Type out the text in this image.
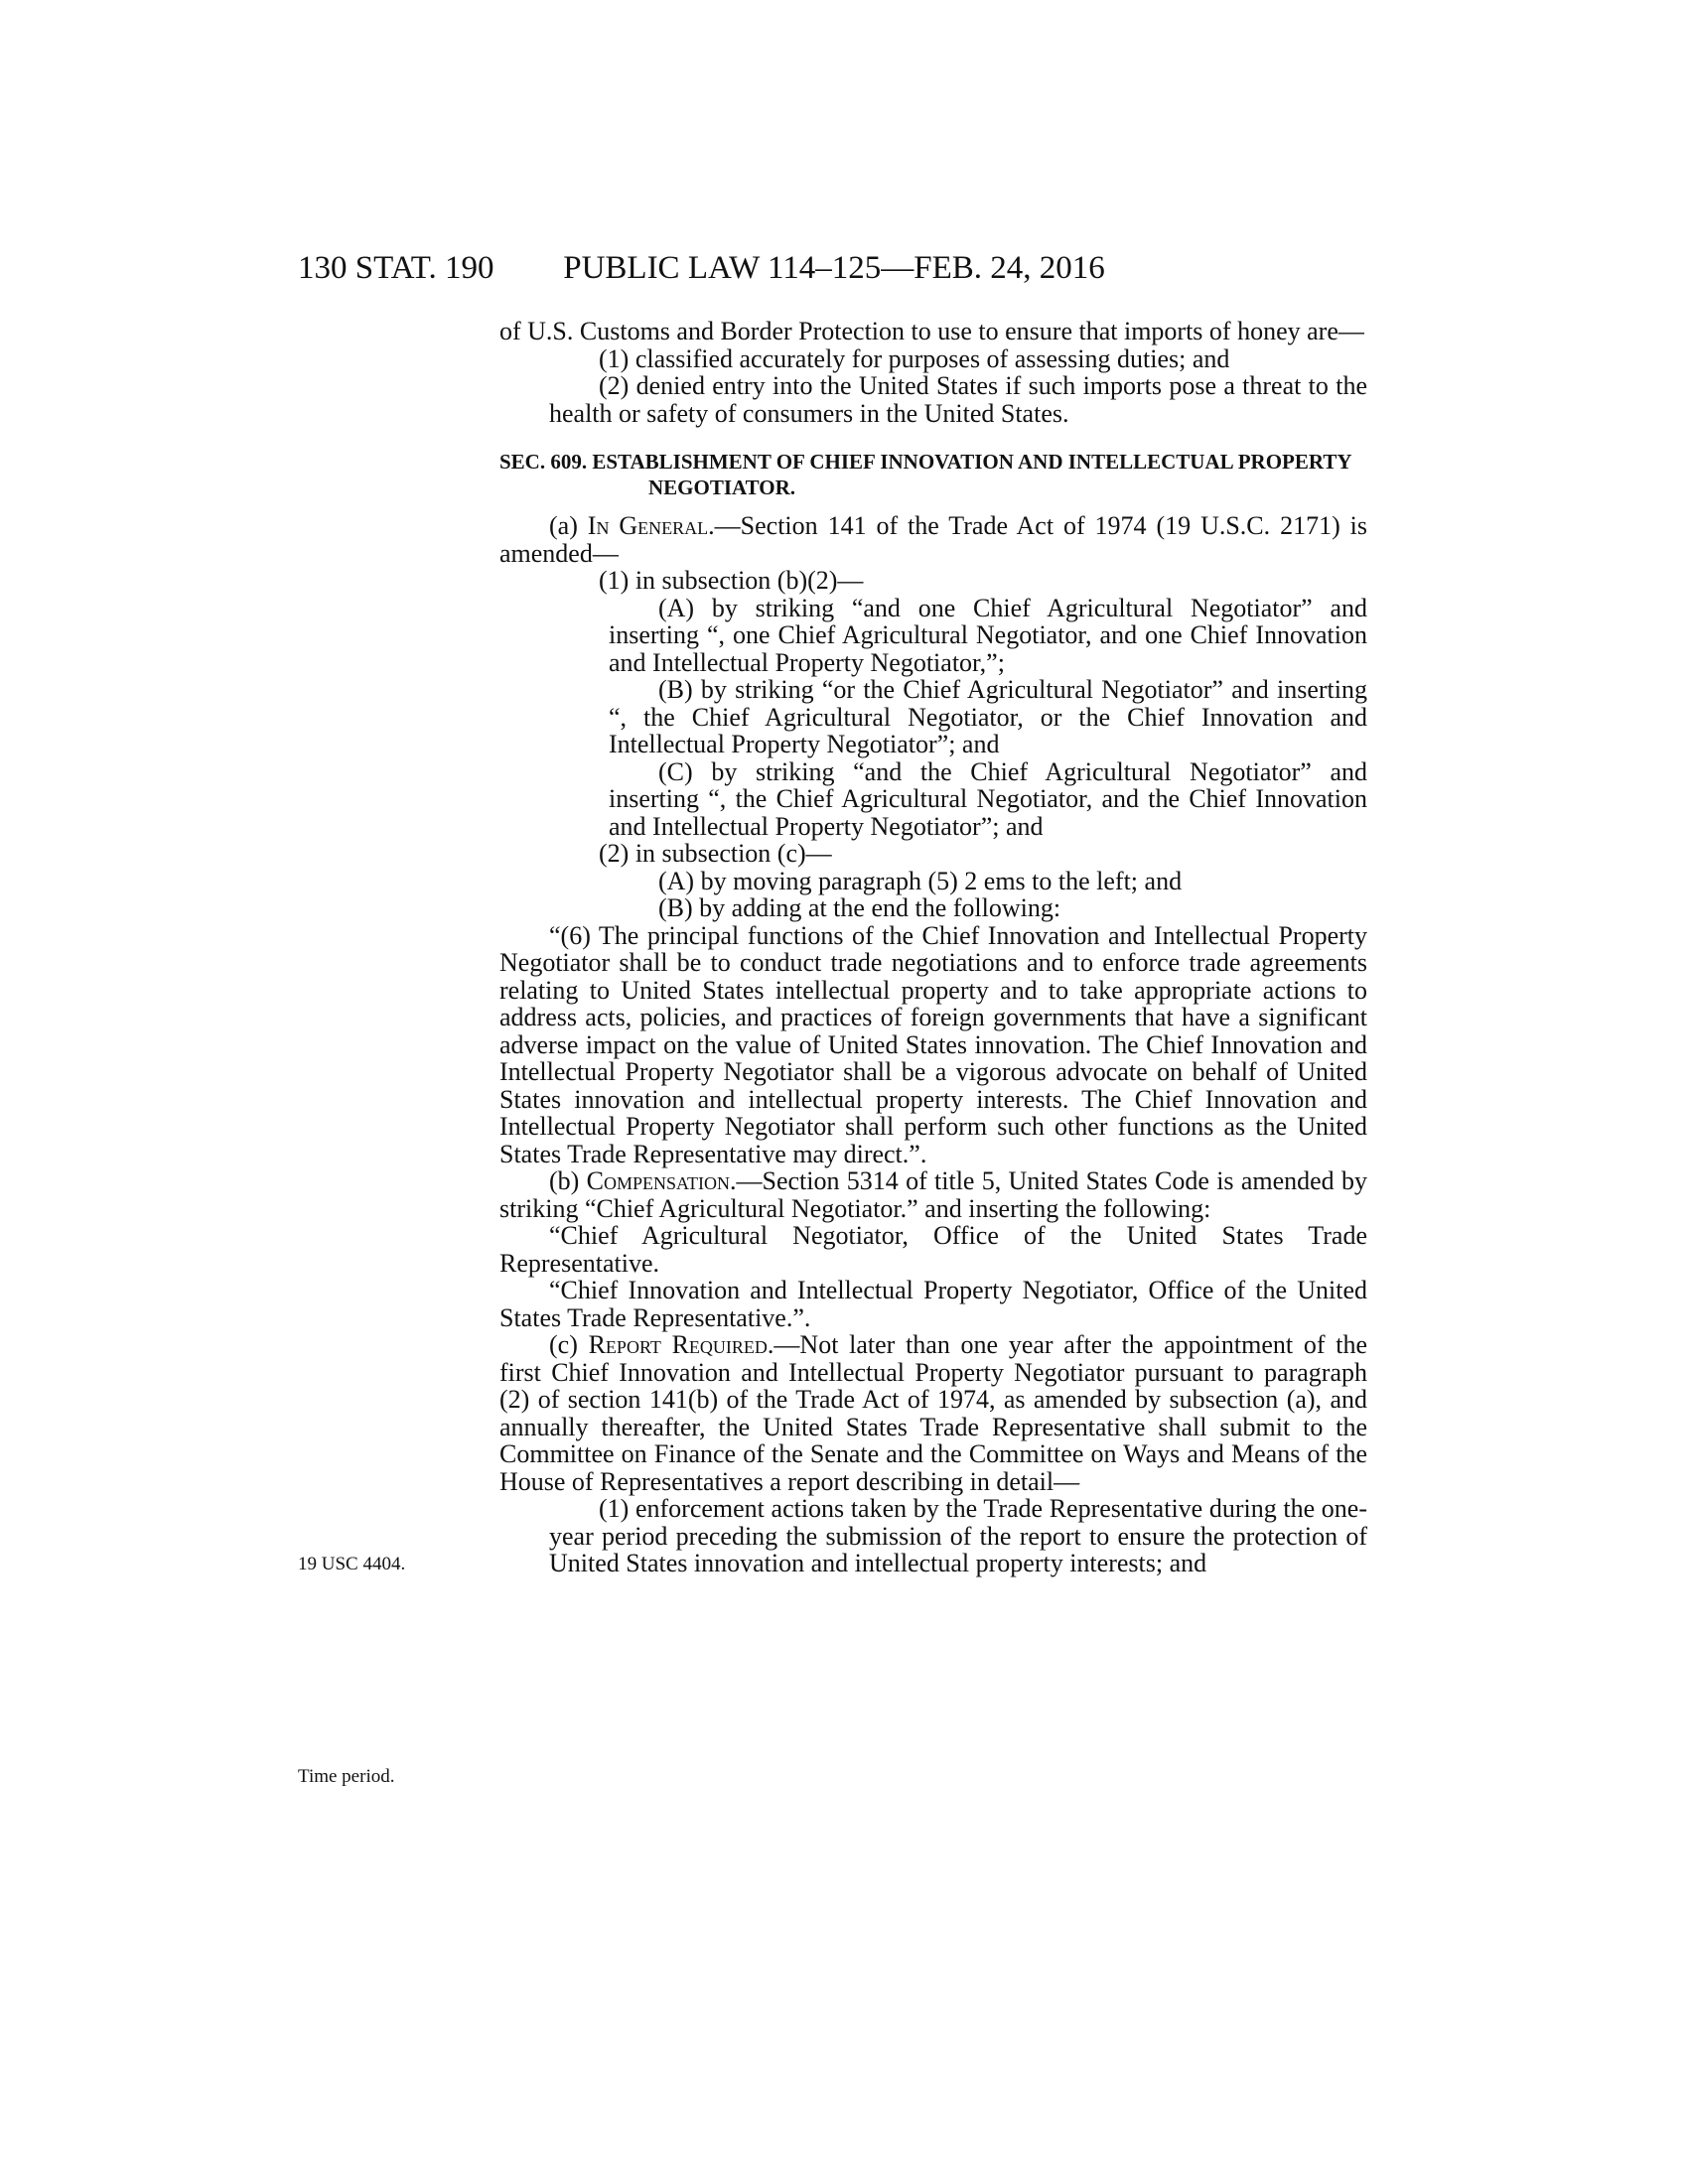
130 STAT. 190	PUBLIC LAW 114–125—FEB. 24, 2016
19 USC 4404.
Time period.

of U.S. Customs and Border Protection to use to ensure that imports of honey are—

(1) classified accurately for purposes of assessing duties; and

(2) denied entry into the United States if such imports pose a threat to the health or safety of consumers in the United States.

SEC. 609. ESTABLISHMENT OF CHIEF INNOVATION AND INTELLECTUAL PROPERTY NEGOTIATOR.

(a) In General.—Section 141 of the Trade Act of 1974 (19 U.S.C. 2171) is amended—

(1) in subsection (b)(2)—

(A) by striking “and one Chief Agricultural Negotiator” and inserting “, one Chief Agricultural Negotiator, and one Chief Innovation and Intellectual Property Negotiator,”;

(B) by striking “or the Chief Agricultural Negotiator” and inserting “, the Chief Agricultural Negotiator, or the Chief Innovation and Intellectual Property Negotiator”; and

(C) by striking “and the Chief Agricultural Negotiator” and inserting “, the Chief Agricultural Negotiator, and the Chief Innovation and Intellectual Property Negotiator”; and

(2) in subsection (c)—

(A) by moving paragraph (5) 2 ems to the left; and

(B) by adding at the end the following:

“(6) The principal functions of the Chief Innovation and Intellectual Property Negotiator shall be to conduct trade negotiations and to enforce trade agreements relating to United States intellectual property and to take appropriate actions to address acts, policies, and practices of foreign governments that have a significant adverse impact on the value of United States innovation. The Chief Innovation and Intellectual Property Negotiator shall be a vigorous advocate on behalf of United States innovation and intellectual property interests. The Chief Innovation and Intellectual Property Negotiator shall perform such other functions as the United States Trade Representative may direct.”.

(b) Compensation.—Section 5314 of title 5, United States Code is amended by striking “Chief Agricultural Negotiator.” and inserting the following:

“Chief Agricultural Negotiator, Office of the United States Trade Representative.

“Chief Innovation and Intellectual Property Negotiator, Office of the United States Trade Representative.”.

(c) Report Required.—Not later than one year after the appointment of the first Chief Innovation and Intellectual Property Negotiator pursuant to paragraph (2) of section 141(b) of the Trade Act of 1974, as amended by subsection (a), and annually thereafter, the United States Trade Representative shall submit to the Committee on Finance of the Senate and the Committee on Ways and Means of the House of Representatives a report describing in detail—

(1) enforcement actions taken by the Trade Representative during the one-year period preceding the submission of the report to ensure the protection of United States innovation and intellectual property interests; and
